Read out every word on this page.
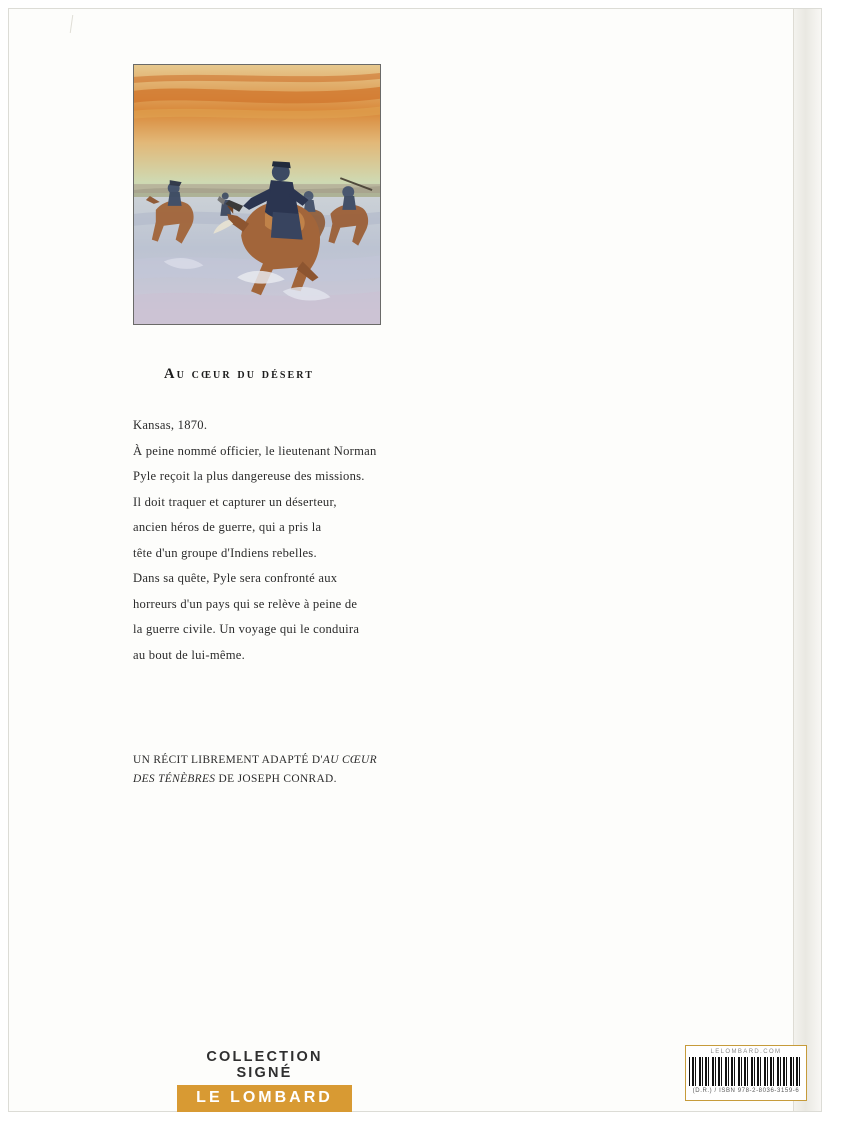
Au cœur du désert

Kansas, 1870.

À peine nommé officier, le lieutenant Norman

Pyle reçoit la plus dangereuse des missions.

Il doit traquer et capturer un déserteur,

ancien héros de guerre, qui a pris la

tête d'un groupe d'Indiens rebelles.

Dans sa quête, Pyle sera confronté aux

horreurs d'un pays qui se relève à peine de

la guerre civile. Un voyage qui le conduira

au bout de lui-même.

UN RÉCIT LIBREMENT ADAPTÉ D'AU CŒUR DES TÉNÈBRES DE JOSEPH CONRAD.
COLLECTION SIGNÉ
LE LOMBARD
LELOMBARD.COM
(D.R.) / ISBN 978-2-8036-3159-6
